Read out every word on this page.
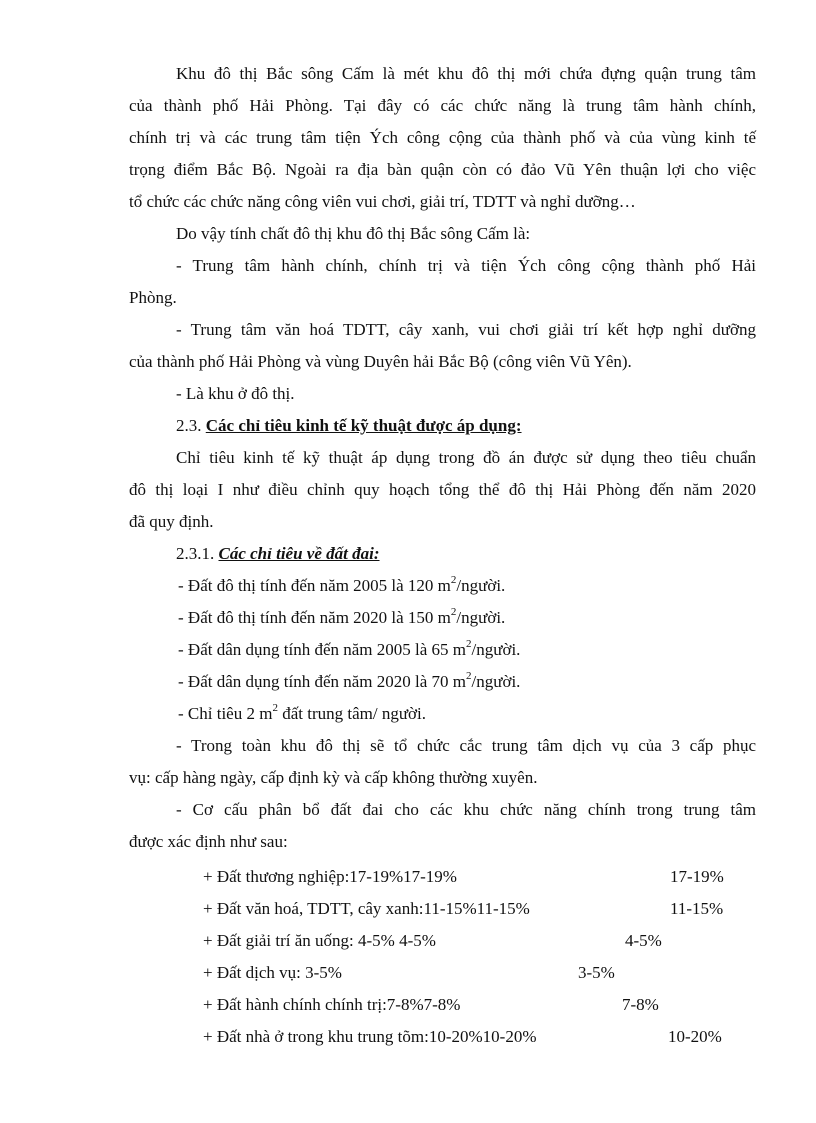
Khu đô thị Bắc sông Cấm là mét khu đô thị mới chứa đựng quận trung tâm
của thành phố Hải Phòng. Tại đây có các chức năng là trung tâm hành chính,
chính trị và các trung tâm tiện Ých công cộng của thành phố và của vùng kinh tế
trọng điểm Bắc Bộ. Ngoài ra địa bàn quận còn có đảo Vũ Yên thuận lợi cho việc
tổ chức các chức năng công viên vui chơi, giải trí, TDTT và nghỉ dưỡng…
Do vậy tính chất đô thị khu đô thị Bắc sông Cấm là:
- Trung tâm hành chính, chính trị và tiện Ých công cộng thành phố Hải
Phòng.
- Trung tâm văn hoá TDTT, cây xanh, vui chơi giải trí kết hợp nghỉ dưỡng
của thành phố Hải Phòng và vùng Duyên hải Bắc Bộ (công viên Vũ Yên).
- Là khu ở đô thị.
2.3. Các chỉ tiêu kinh tế kỹ thuật được áp dụng:
Chỉ tiêu kinh tế kỹ thuật áp dụng trong đồ án được sử dụng theo tiêu chuẩn
đô thị loại I như điều chỉnh quy hoạch tổng thể đô thị Hải Phòng đến năm 2020
đã quy định.
2.3.1. Các chỉ tiêu về đất đai:
- Đất đô thị tính đến năm 2005 là 120 $m^2$/người.
- Đất đô thị tính đến năm 2020 là 150 $m^2$/người.
- Đất dân dụng tính đến năm 2005 là 65 $m^2$/người.
- Đất dân dụng tính đến năm 2020 là 70 $m^2$/người.
- Chỉ tiêu 2 $m^2$ đất trung tâm/ người.
- Trong toàn khu đô thị sẽ tổ chức cắc trung tâm dịch vụ của 3 cấp phục
vụ: cấp hàng ngày, cấp định kỳ và cấp không thường xuyên.
- Cơ cấu phân bổ đất đai cho các khu chức năng chính trong trung tâm
được xác định như sau:
+ Đất thương nghiệp:17-19%17-19%	17-19%
+ Đất văn hoá, TDTT, cây xanh:11-15%11-15%	11-15%
+ Đất giải trí ăn uống: 4-5% 4-5%	4-5%
+ Đất dịch vụ: 3-5%	3-5%
+ Đất hành chính chính trị:7-8%7-8%	7-8%
+ Đất nhà ở trong khu trung tõm:10-20%10-20%	10-20%
